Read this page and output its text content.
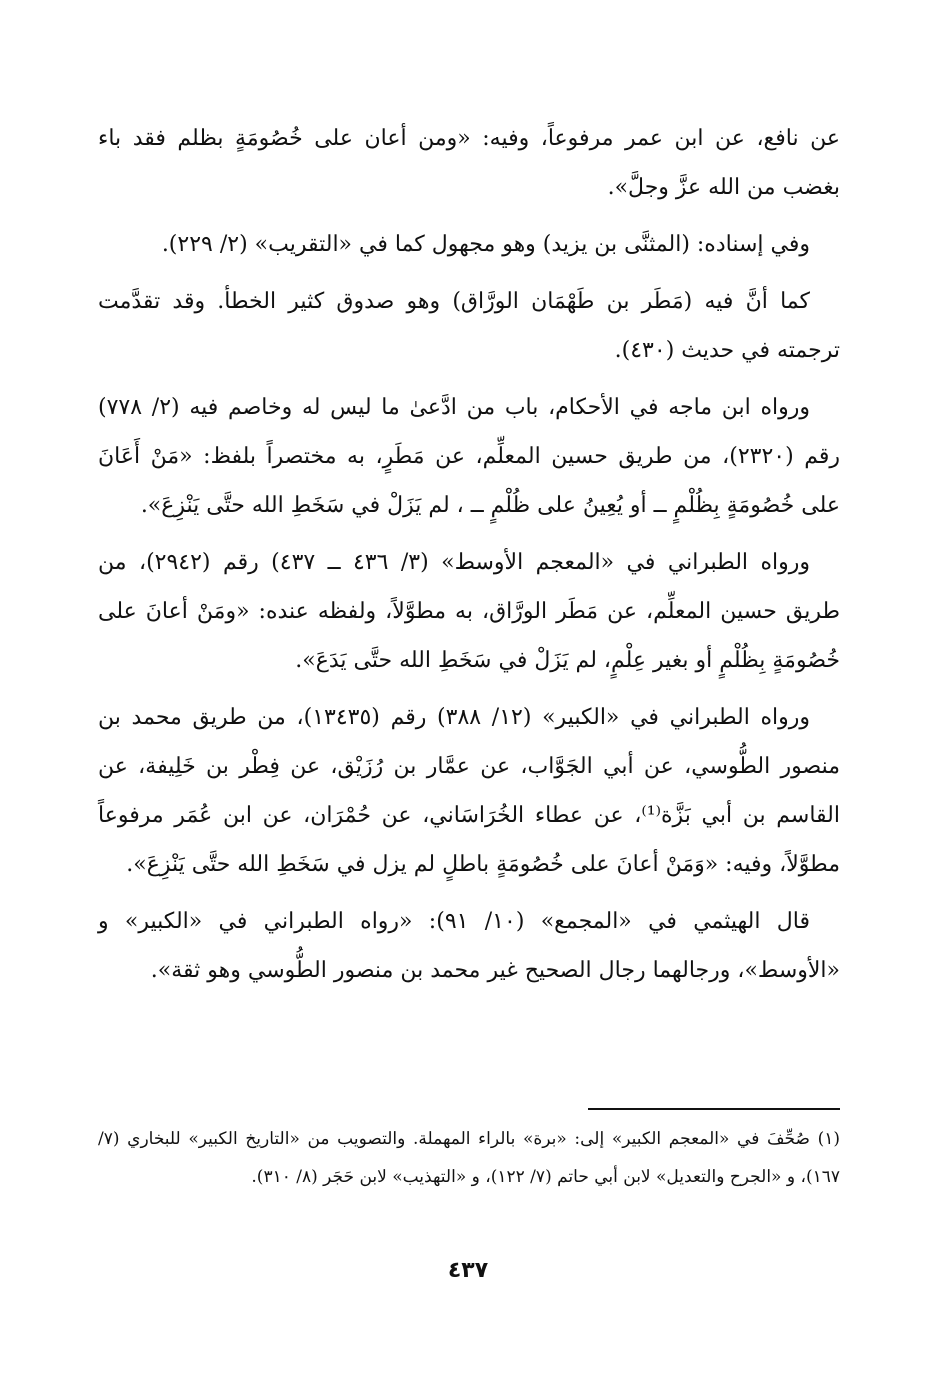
عن نافع، عن ابن عمر مرفوعاً، وفيه: «ومن أعان على خُصُومَةٍ بظلم فقد باء بغضب من الله عزَّ وجلَّ».

وفي إسناده: (المثنَّى بن يزيد) وهو مجهول كما في «التقريب» (٢/ ٢٢٩).

كما أنَّ فيه (مَطَر بن طَهْمَان الورَّاق) وهو صدوق كثير الخطأ. وقد تقدَّمت ترجمته في حديث (٤٣٠).

ورواه ابن ماجه في الأحكام، باب من ادَّعىٰ ما ليس له وخاصم فيه (٢/ ٧٧٨) رقم (٢٣٢٠)، من طريق حسين المعلِّم، عن مَطَرٍ، به مختصراً بلفظ: «مَنْ أَعَانَ على خُصُومَةٍ بِظُلْمٍ ــ أو يُعِينُ على ظُلْمٍ ــ ، لم يَزَلْ في سَخَطِ الله حتَّى يَنْزِعَ».

ورواه الطبراني في «المعجم الأوسط» (٣/ ٤٣٦ ــ ٤٣٧) رقم (٢٩٤٢)، من طريق حسين المعلِّم، عن مَطَر الورَّاق، به مطوَّلاً، ولفظه عنده: «ومَنْ أعانَ على خُصُومَةٍ بِظُلْمٍ أو بغير عِلْمٍ، لم يَزَلْ في سَخَطِ الله حتَّى يَدَعَ».

ورواه الطبراني في «الكبير» (١٢/ ٣٨٨) رقم (١٣٤٣٥)، من طريق محمد بن منصور الطُّوسي، عن أبي الجَوَّاب، عن عمَّار بن رُزَيْق، عن فِطْر بن خَلِيفة، عن القاسم بن أبي بَزَّة⁽¹⁾، عن عطاء الخُرَاسَاني، عن حُمْرَان، عن ابن عُمَر مرفوعاً مطوَّلاً، وفيه: «وَمَنْ أعانَ على خُصُومَةٍ باطلٍ لم يزل في سَخَطِ الله حتَّى يَنْزِعَ».

قال الهيثمي في «المجمع» (١٠/ ٩١): «رواه الطبراني في «الكبير» و «الأوسط»، ورجالهما رجال الصحيح غير محمد بن منصور الطُّوسي وهو ثقة».

(١) صُحِّفَ في «المعجم الكبير» إلى: «برة» بالراء المهملة. والتصويب من «التاريخ الكبير» للبخاري (٧/ ١٦٧)، و «الجرح والتعديل» لابن أبي حاتم (٧/ ١٢٢)، و «التهذيب» لابن حَجَر (٨/ ٣١٠).

٤٣٧
